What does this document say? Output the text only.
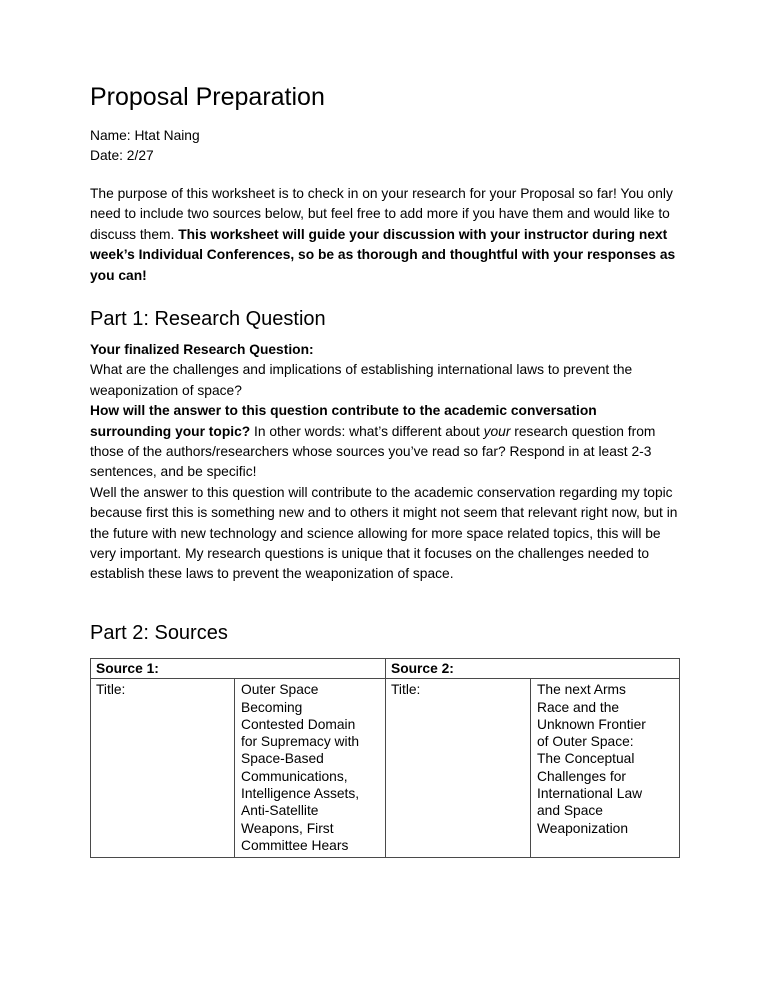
Proposal Preparation

Name: Htat Naing

Date: 2/27

The purpose of this worksheet is to check in on your research for your Proposal so far! You only need to include two sources below, but feel free to add more if you have them and would like to discuss them. This worksheet will guide your discussion with your instructor during next week’s Individual Conferences, so be as thorough and thoughtful with your responses as you can!

Part 1: Research Question

Your finalized Research Question:

What are the challenges and implications of establishing international laws to prevent the weaponization of space?

How will the answer to this question contribute to the academic conversation surrounding your topic? In other words: what’s different about your research question from those of the authors/researchers whose sources you’ve read so far? Respond in at least 2-3 sentences, and be specific!

Well the answer to this question will contribute to the academic conservation regarding my topic because first this is something new and to others it might not seem that relevant right now, but in the future with new technology and science allowing for more space related topics, this will be very important. My research questions is unique that it focuses on the challenges needed to establish these laws to prevent the weaponization of space.

Part 2: Sources
Source 1:		Source 2:	
Title:	Outer Space Becoming Contested Domain for Supremacy with Space-Based Communications, Intelligence Assets, Anti-Satellite Weapons, First Committee Hears	Title:	The next Arms Race and the Unknown Frontier of Outer Space: The Conceptual Challenges for International Law and Space Weaponization
